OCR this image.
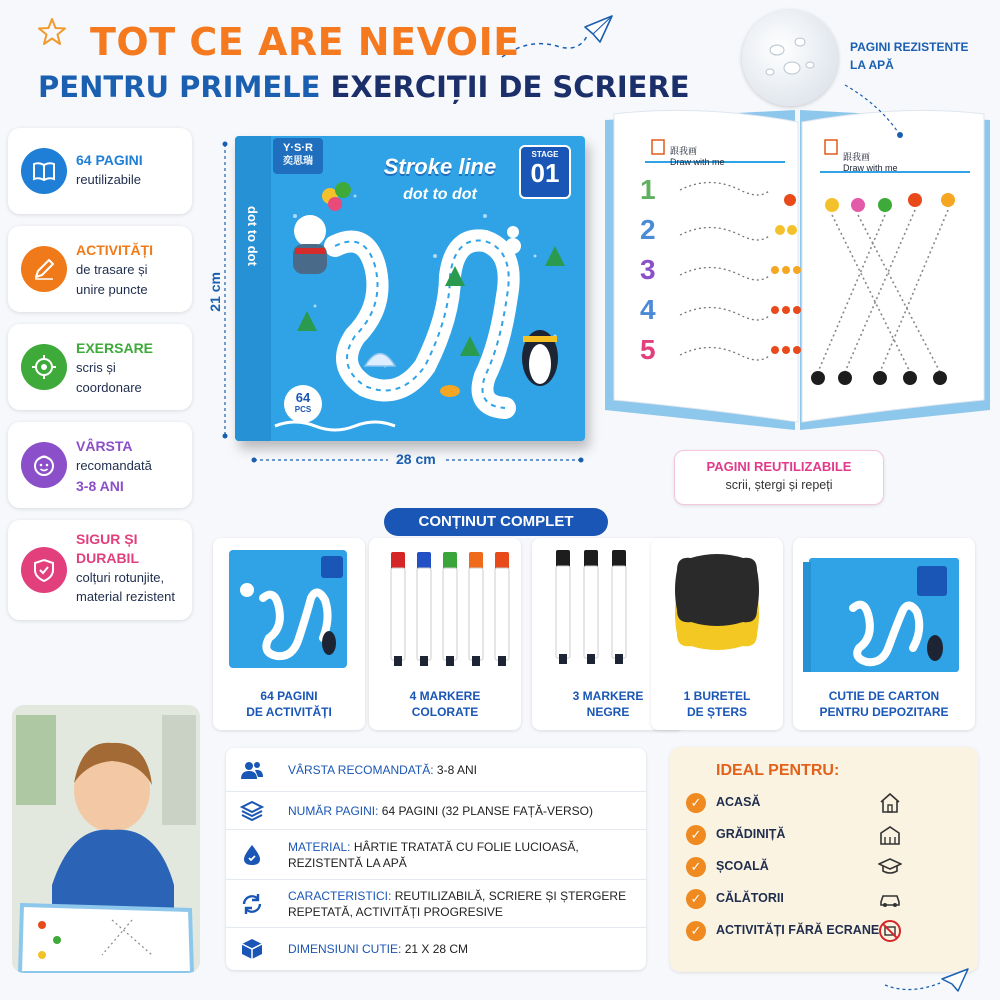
TOT CE ARE NEVOIE
PENTRU PRIMELE EXERCIȚII DE SCRIERE
64 PAGINI
reutilizabile
ACTIVITĂȚI
de trasare și
unire puncte
EXERSARE
scris și
coordonare
VÂRSTA
recomandată
3-8 ANI
SIGUR ȘI
DURABIL
colțuri rotunjite,
material rezistent
21 cm
28 cm
Y·S·R
奕思瑞	Stroke line
dot to dot
STAGE
01
64
PCS
dot to dot
跟我画
Draw with me	跟我画
Draw with me
1
2
3
4
5
PAGINI REZISTENTE
LA APĂ
PAGINI REUTILIZABILE
scrii, ștergi și repeți
CONȚINUT COMPLET
64 PAGINI
DE ACTIVITĂȚI
4 MARKERE
COLORATE
3 MARKERE
NEGRE
1 BURETEL
DE ȘTERS
CUTIE DE CARTON
PENTRU DEPOZITARE
VÂRSTA RECOMANDATĂ: 3-8 ANI
NUMĂR PAGINI: 64 PAGINI (32 PLANSE FAȚĂ-VERSO)
MATERIAL: HÂRTIE TRATATĂ CU FOLIE LUCIOASĂ, REZISTENTĂ LA APĂ
CARACTERISTICI: REUTILIZABILĂ, SCRIERE ȘI ȘTERGERE REPETATĂ, ACTIVITĂȚI PROGRESIVE
DIMENSIUNI CUTIE: 21 X 28 CM
IDEAL PENTRU:
✓	ACASĂ
✓	GRĂDINIȚĂ
✓	ȘCOALĂ
✓	CĂLĂTORII
✓	ACTIVITĂȚI FĂRĂ ECRANE
